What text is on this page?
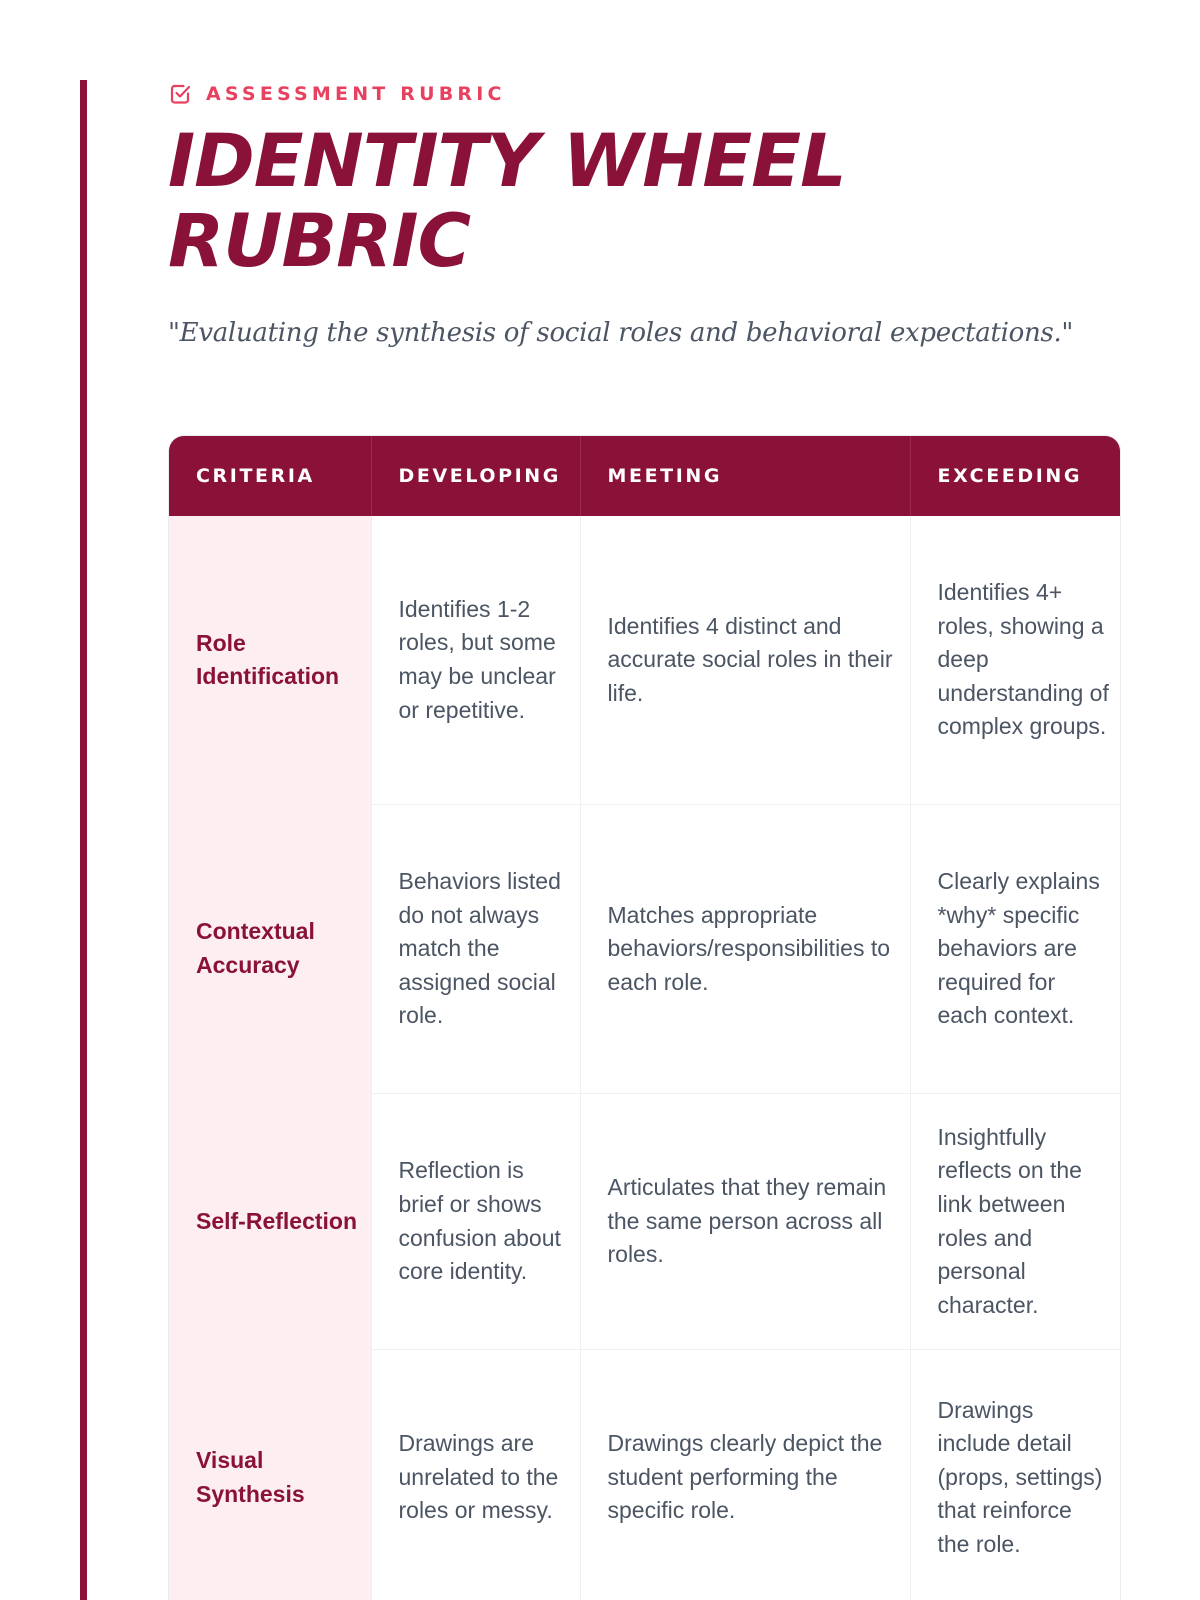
ASSESSMENT RUBRIC
IDENTITY WHEEL RUBRIC

"Evaluating the synthesis of social roles and behavioral expectations."

CRITERIA	DEVELOPING	MEETING	EXCEEDING
Role Identification	Identifies 1-2 roles, but some may be unclear or repetitive.	Identifies 4 distinct and accurate social roles in their life.	Identifies 4+ roles, showing a deep understanding of complex groups.
Contextual Accuracy	Behaviors listed do not always match the assigned social role.	Matches appropriate behaviors/responsibilities to each role.	Clearly explains *why* specific behaviors are required for each context.
Self-Reflection	Reflection is brief or shows confusion about core identity.	Articulates that they remain the same person across all roles.	Insightfully reflects on the link between roles and personal character.
Visual Synthesis	Drawings are unrelated to the roles or messy.	Drawings clearly depict the student performing the specific role.	Drawings include detail (props, settings) that reinforce the role.
